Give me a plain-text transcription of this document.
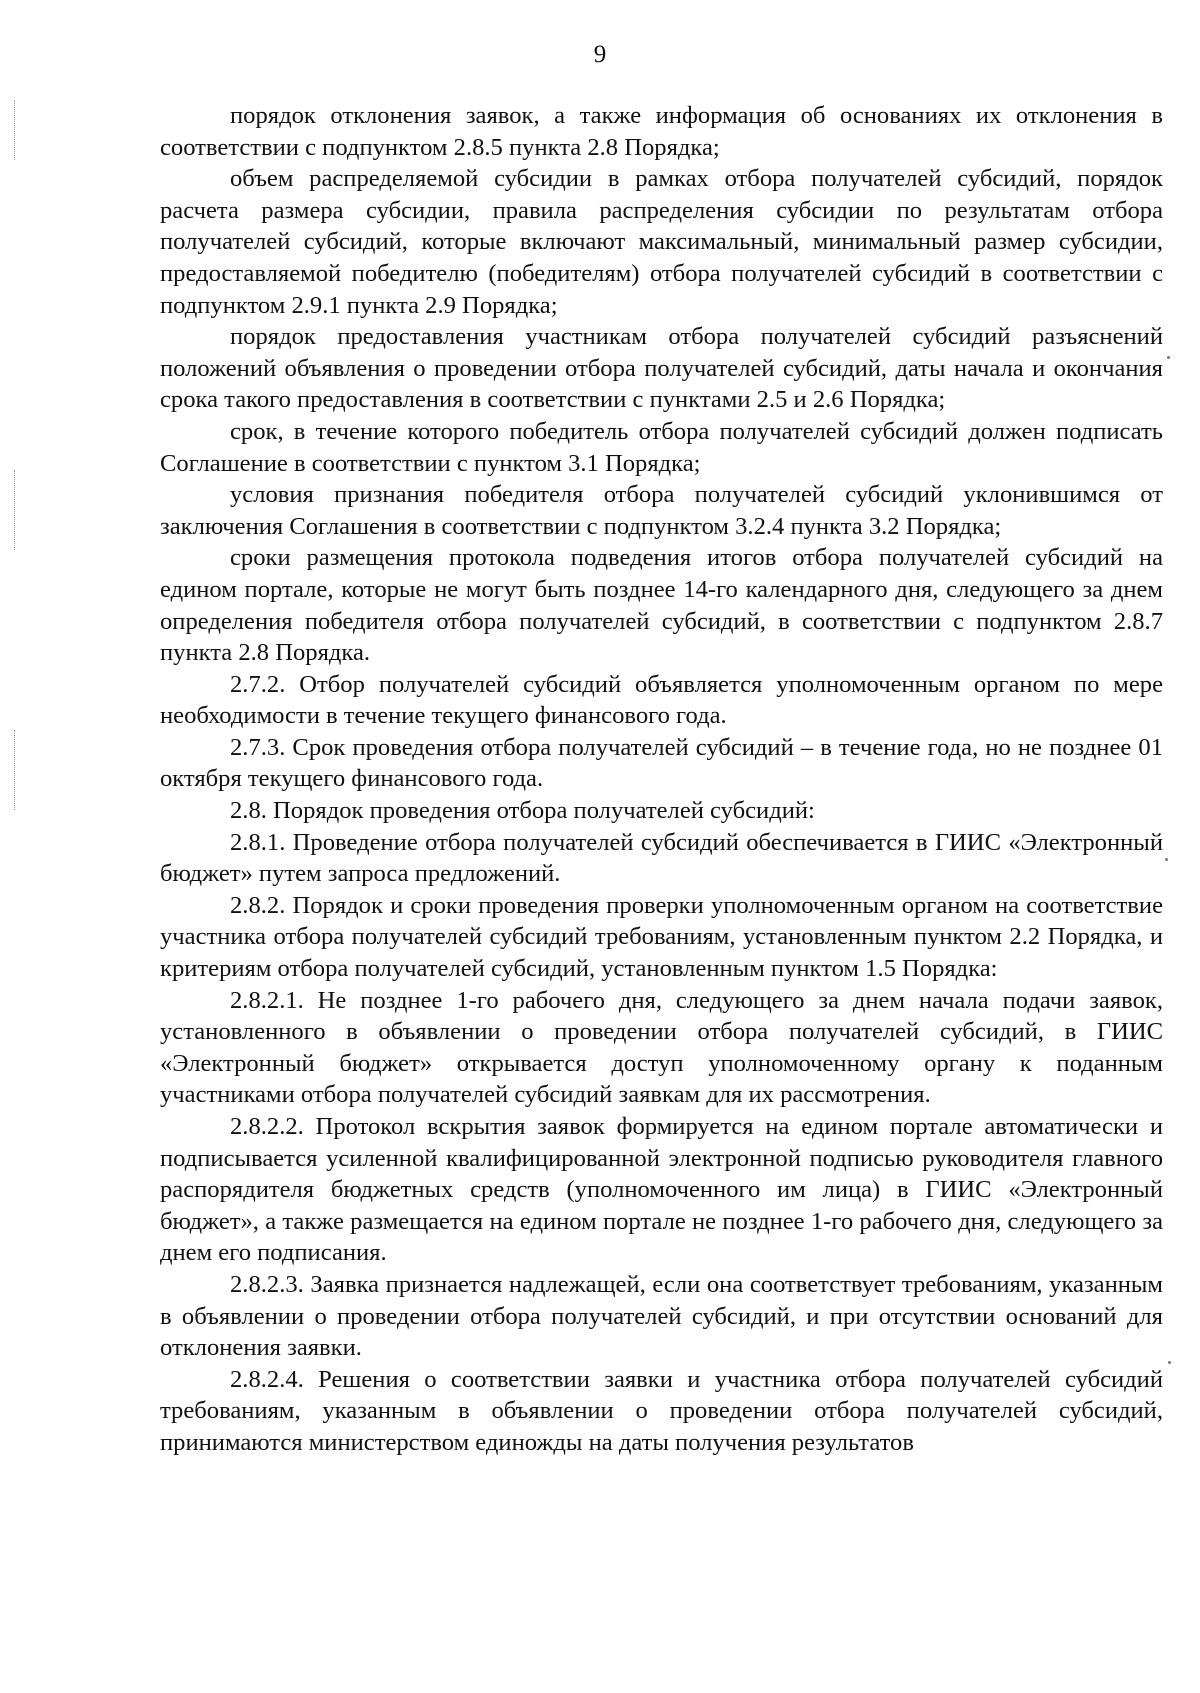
9

порядок отклонения заявок, а также информация об основаниях их отклонения в соответствии с подпунктом 2.8.5 пункта 2.8 Порядка;

объем распределяемой субсидии в рамках отбора получателей субсидий, порядок расчета размера субсидии, правила распределения субсидии по результатам отбора получателей субсидий, которые включают максимальный, минимальный размер субсидии, предоставляемой победителю (победителям) отбора получателей субсидий в соответствии с подпунктом 2.9.1 пункта 2.9 Порядка;

порядок предоставления участникам отбора получателей субсидий разъяснений положений объявления о проведении отбора получателей субсидий, даты начала и окончания срока такого предоставления в соответствии с пунктами 2.5 и 2.6 Порядка;

срок, в течение которого победитель отбора получателей субсидий должен подписать Соглашение в соответствии с пунктом 3.1 Порядка;

условия признания победителя отбора получателей субсидий уклонившимся от заключения Соглашения в соответствии с подпунктом 3.2.4 пункта 3.2 Порядка;

сроки размещения протокола подведения итогов отбора получателей субсидий на едином портале, которые не могут быть позднее 14-го календарного дня, следующего за днем определения победителя отбора получателей субсидий, в соответствии с подпунктом 2.8.7 пункта 2.8 Порядка.

2.7.2. Отбор получателей субсидий объявляется уполномоченным органом по мере необходимости в течение текущего финансового года.

2.7.3. Срок проведения отбора получателей субсидий – в течение года, но не позднее 01 октября текущего финансового года.

2.8. Порядок проведения отбора получателей субсидий:

2.8.1. Проведение отбора получателей субсидий обеспечивается в ГИИС «Электронный бюджет» путем запроса предложений.

2.8.2. Порядок и сроки проведения проверки уполномоченным органом на соответствие участника отбора получателей субсидий требованиям, установленным пунктом 2.2 Порядка, и критериям отбора получателей субсидий, установленным пунктом 1.5 Порядка:

2.8.2.1. Не позднее 1-го рабочего дня, следующего за днем начала подачи заявок, установленного в объявлении о проведении отбора получателей субсидий, в ГИИС «Электронный бюджет» открывается доступ уполномоченному органу к поданным участниками отбора получателей субсидий заявкам для их рассмотрения.

2.8.2.2. Протокол вскрытия заявок формируется на едином портале автоматически и подписывается усиленной квалифицированной электронной подписью руководителя главного распорядителя бюджетных средств (уполномоченного им лица) в ГИИС «Электронный бюджет», а также размещается на едином портале не позднее 1-го рабочего дня, следующего за днем его подписания.

2.8.2.3. Заявка признается надлежащей, если она соответствует требованиям, указанным в объявлении о проведении отбора получателей субсидий, и при отсутствии оснований для отклонения заявки.

2.8.2.4. Решения о соответствии заявки и участника отбора получателей субсидий требованиям, указанным в объявлении о проведении отбора получателей субсидий, принимаются министерством единожды на даты получения результатов
